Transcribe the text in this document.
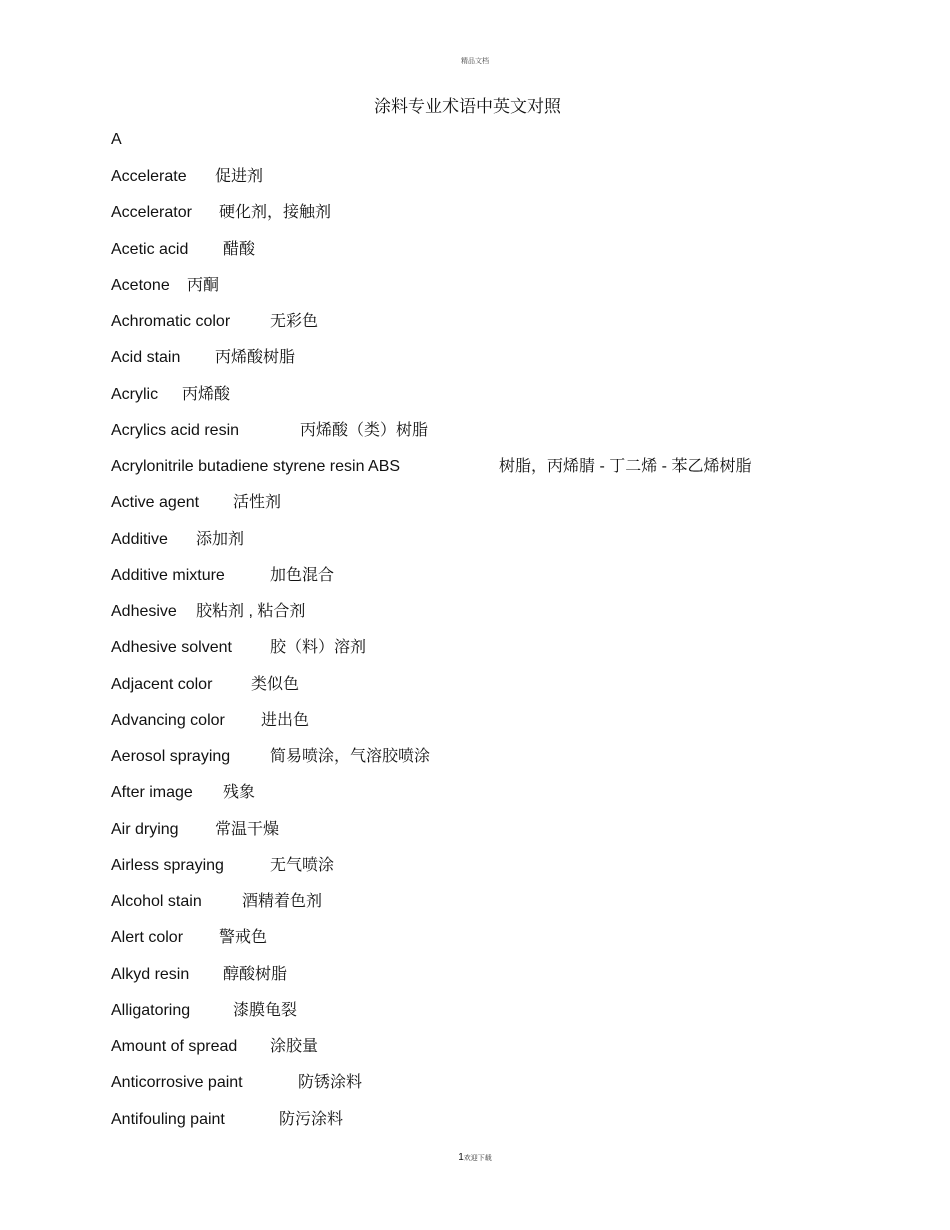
精品文档
涂料专业术语中英文对照
A
Accelerate 促进剂
Accelerator 硬化剂，接触剂
Acetic acid 醋酸
Acetone 丙酮
Achromatic color 无彩色
Acid stain 丙烯酸树脂
Acrylic 丙烯酸
Acrylics acid resin	丙烯酸（类）树脂
Acrylonitrile butadiene styrene resin ABS	树脂，丙烯腈 - 丁二烯 - 苯乙烯树脂
Active agent 活性剂
Additive 添加剂
Additive mixture	加色混合
Adhesive 胶粘剂 , 粘合剂
Adhesive solvent 胶（料）溶剂
Adjacent color 类似色
Advancing color 进出色
Aerosol spraying 简易喷涂，气溶胶喷涂
After image 残象
Air drying 常温干燥
Airless spraying	无气喷涂
Alcohol stain	酒精着色剂
Alert color 警戒色
Alkyd resin 醇酸树脂
Alligatoring	漆膜龟裂
Amount of spread 涂胶量
Anticorrosive paint	防锈涂料
Antifouling paint	防污涂料
1欢迎下载
